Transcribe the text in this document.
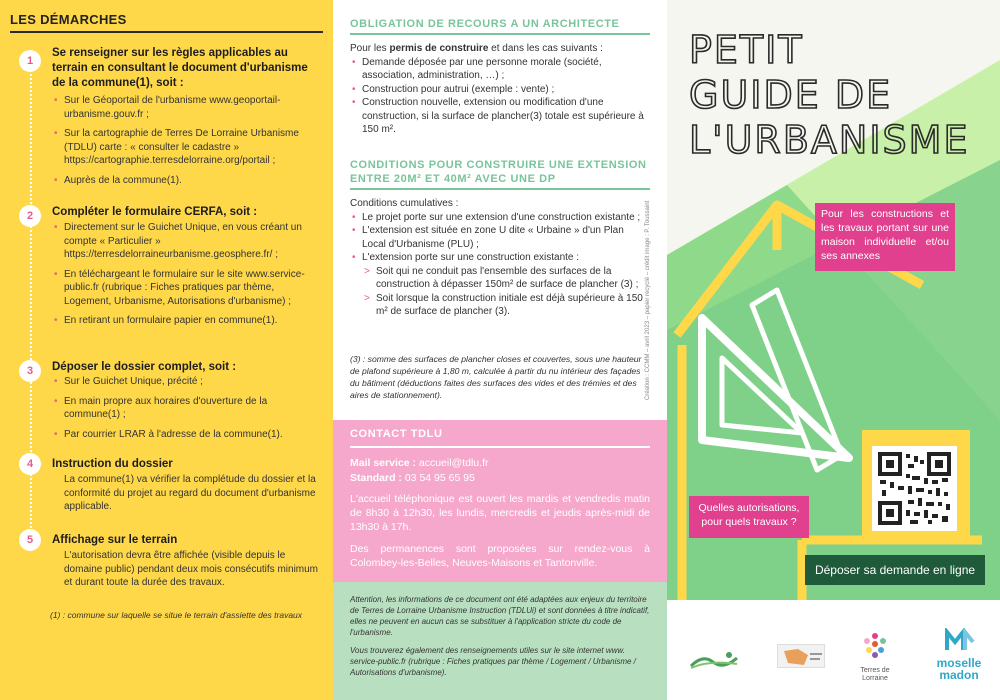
LES DÉMARCHES
1
Se renseigner sur les règles applicables au terrain en consultant le document d'urbanisme de la commune(1), soit :
• Sur le Géoportail de l'urbanisme www.geoportail-urbanisme.gouv.fr ;
• Sur la cartographie de Terres De Lorraine Urbanisme (TDLU) carte : « consulter le cadastre » https://cartographie.terresdelorraine.org/portail ;
• Auprès de la commune(1).
2	Compléter le formulaire CERFA, soit :
• Directement sur le Guichet Unique, en vous créant un compte « Particulier » https://terresdelorraineurbanisme.geosphere.fr/ ;
• En téléchargeant le formulaire sur le site www.service-public.fr (rubrique : Fiches pratiques par thème, Logement, Urbanisme, Autorisations d'urbanisme) ;
• En retirant un formulaire papier en commune(1).
3	Déposer le dossier complet, soit :
• Sur le Guichet Unique, précité ;
• En main propre aux horaires d'ouverture de la commune(1) ;
• Par courrier LRAR à l'adresse de la commune(1).
4	Instruction du dossier
La commune(1) va vérifier la complétude du dossier et la conformité du projet au regard du document d'urbanisme applicable.
5	Affichage sur le terrain
L'autorisation devra être affichée (visible depuis le domaine public) pendant deux mois consécutifs minimum et durant toute la durée des travaux.
(1) : commune sur laquelle se situe le terrain d'assiette des travaux
OBLIGATION DE RECOURS A UN ARCHITECTE
Pour les permis de construire et dans les cas suivants :
• Demande déposée par une personne morale (société, association, administration, …) ;
• Construction pour autrui (exemple : vente) ;
• Construction nouvelle, extension ou modification d'une construction, si la surface de plancher(3) totale est supérieure à 150 m².
CONDITIONS POUR CONSTRUIRE UNE EXTENSION
ENTRE 20M² ET 40M² AVEC UNE DP
Conditions cumulatives :
• Le projet porte sur une extension d'une construction existante ;
• L'extension est située en zone U dite « Urbaine » d'un Plan Local d'Urbanisme (PLU) ;
• L'extension porte sur une construction existante :
> Soit qui ne conduit pas l'ensemble des surfaces de la construction à dépasser 150m² de surface de plancher (3) ;
> Soit lorsque la construction initiale est déjà supérieure à 150 m² de surface de plancher (3).
(3) : somme des surfaces de plancher closes et couvertes, sous une hauteur de plafond supérieure à 1,80 m, calculée à partir du nu intérieur des façades du bâtiment (déductions faites des surfaces des vides et des trémies et des aires de stationnement).
CONTACT TDLU
Mail service : accueil@tdlu.fr
Standard : 03 54 95 65 95
L'accueil téléphonique est ouvert les mardis et vendredis matin de 8h30 à 12h30, les lundis, mercredis et jeudis après-midi de 13h30 à 17h.
Des permanences sont proposées sur rendez-vous à Colombey-les-Belles, Neuves-Maisons et Tantonville.

Attention, les informations de ce document ont été adaptées aux enjeux du territoire de Terres de Lorraine Urbanisme Instruction (TDLUi) et sont données à titre indicatif, elles ne peuvent en aucun cas se substituer à l'application stricte du code de l'urbanisme.

Vous trouverez également des renseignements utiles sur le site internet www. service-public.fr (rubrique : Fiches pratiques par thème / Logement / Urbanisme / Autorisations d'urbanisme).

Création : CCMM – avril 2023 – papier recyclé – crédit image : P. Toussaint
PETIT
GUIDE DE
L'URBANISME
Pour les constructions et les travaux portant sur une maison individuelle et/ou ses annexes
Quelles autorisations, pour quels travaux ?
Déposer sa demande en ligne
Terres de Lorraine
moselle
madon
